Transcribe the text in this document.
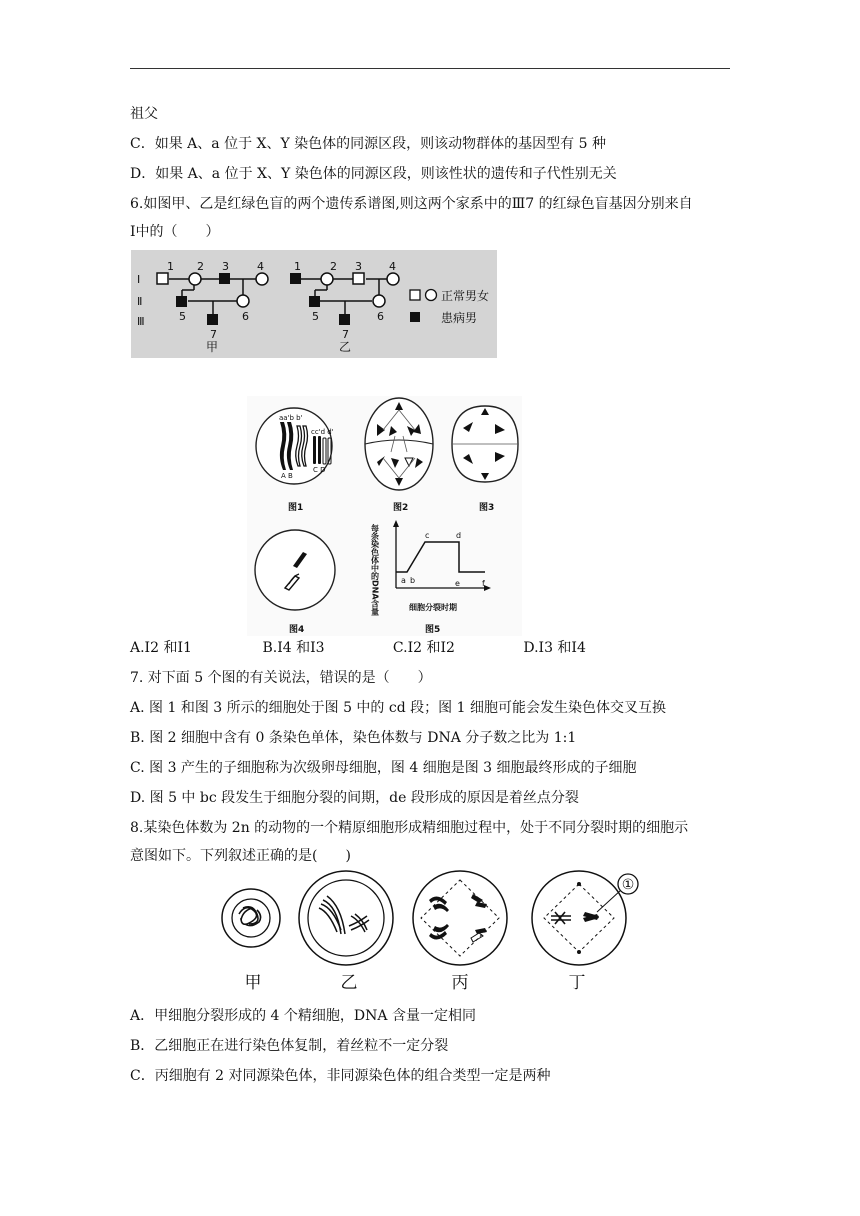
祖父
C．如果 A、a 位于 X、Y 染色体的同源区段，则该动物群体的基因型有 5 种
D．如果 A、a 位于 X、Y 染色体的同源区段，则该性状的遗传和子代性别无关
6.如图甲、乙是红绿色盲的两个遗传系谱图,则这两个家系中的Ⅲ7 的红绿色盲基因分别来自
Ⅰ中的（　　）
Ⅰ
Ⅱ
Ⅲ
1 2 3	4
5	6
7
甲
1	2 3 4
5	6
7
乙
正常男女
患病男
aa'b b'
cc'd d'
A B
C D
图1	图2	图3
图4
a b
c	d
e	f
每条染色体中的DNA含量	细胞分裂时期
图5
A.Ⅰ2 和Ⅰ1	B.Ⅰ4 和Ⅰ3	C.Ⅰ2 和Ⅰ2	D.Ⅰ3 和Ⅰ4
7. 对下面 5 个图的有关说法，错误的是（　　）
A. 图 1 和图 3 所示的细胞处于图 5 中的 cd 段；图 1 细胞可能会发生染色体交叉互换
B. 图 2 细胞中含有 0 条染色单体，染色体数与 DNA 分子数之比为 1:1
C. 图 3 产生的子细胞称为次级卵母细胞，图 4 细胞是图 3 细胞最终形成的子细胞
D. 图 5 中 bc 段发生于细胞分裂的间期，de 段形成的原因是着丝点分裂
8.某染色体数为 2n 的动物的一个精原细胞形成精细胞过程中，处于不同分裂时期的细胞示
意图如下。下列叙述正确的是(　　)
①
甲	乙	丙	丁
A．甲细胞分裂形成的 4 个精细胞，DNA 含量一定相同
B．乙细胞正在进行染色体复制，着丝粒不一定分裂
C．丙细胞有 2 对同源染色体，非同源染色体的组合类型一定是两种
